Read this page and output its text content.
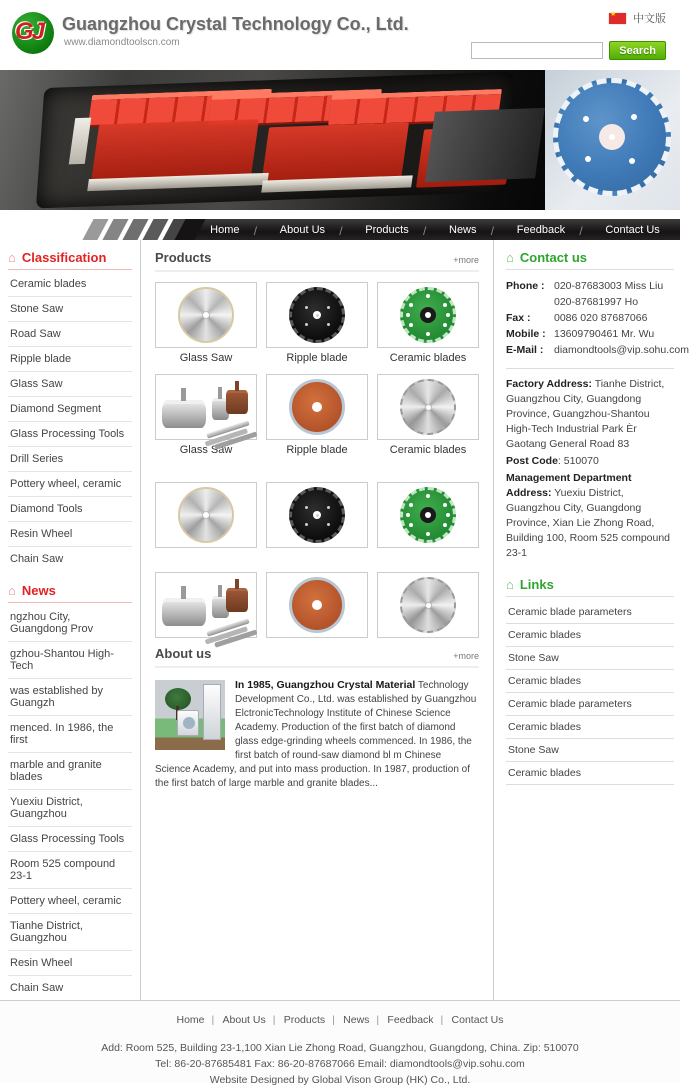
GJ Guangzhou Crystal Technology Co., Ltd.
www.diamondtoolscn.com
★
中文版
Search
Home	/ About Us	/ Products	/ News	/ Feedback	/ Contact Us
⌂ Classification
Ceramic blades
Stone Saw
Road Saw
Ripple blade
Glass Saw
Diamond Segment
Glass Processing Tools
Drill Series
Pottery wheel, ceramic
Diamond Tools
Resin Wheel
Chain Saw
⌂ News
ngzhou City, Guangdong Prov
gzhou-Shantou High-Tech
was established by Guangzh
menced. In 1986, the first
marble and granite blades
Yuexiu District, Guangzhou
Glass Processing Tools
Room 525 compound 23-1
Pottery wheel, ceramic
Tianhe District, Guangzhou
Resin Wheel
Chain Saw
Products	+more
Glass Saw	Ripple blade	Ceramic blades
Glass Saw	Ripple blade	Ceramic blades
About us	+more
In 1985, Guangzhou Crystal Material Technology Development Co., Ltd. was established by Guangzhou ElctronicTechnology Institute of Chinese Science Academy. Production of the first batch of diamond glass edge-grinding wheels commenced. In 1986, the first batch of round-saw diamond bl m Chinese Science Academy, and put into mass production. In 1987, production of the first batch of large marble and granite blades...
⌂ Contact us
Phone : 020-87683003 Miss Liu
020-87681997 Ho
Fax :	0086 020 87687066
Mobile : 13609790461 Mr. Wu
E-Mail :	diamondtools@vip.sohu.com
Factory Address: Tianhe District, Guangzhou City, Guangdong Province, Guangzhou-Shantou High-Tech Industrial Park Èr Gaotang General Road 83
Post Code: 510070
Management Department Address: Yuexiu District, Guangzhou City, Guangdong Province, Xian Lie Zhong Road, Building 100, Room 525 compound 23-1
⌂ Links
Ceramic blade parameters
Ceramic blades
Stone Saw
Ceramic blades
Ceramic blade parameters
Ceramic blades
Stone Saw
Ceramic blades
Home	| About Us	| Products	| News	| Feedback	| Contact Us
Add: Room 525, Building 23-1,100 Xian Lie Zhong Road, Guangzhou, Guangdong, China. Zip: 510070
Tel: 86-20-87685481 Fax: 86-20-87687066 Email: diamondtools@vip.sohu.com
Website Designed by Global Vison Group (HK) Co., Ltd.
